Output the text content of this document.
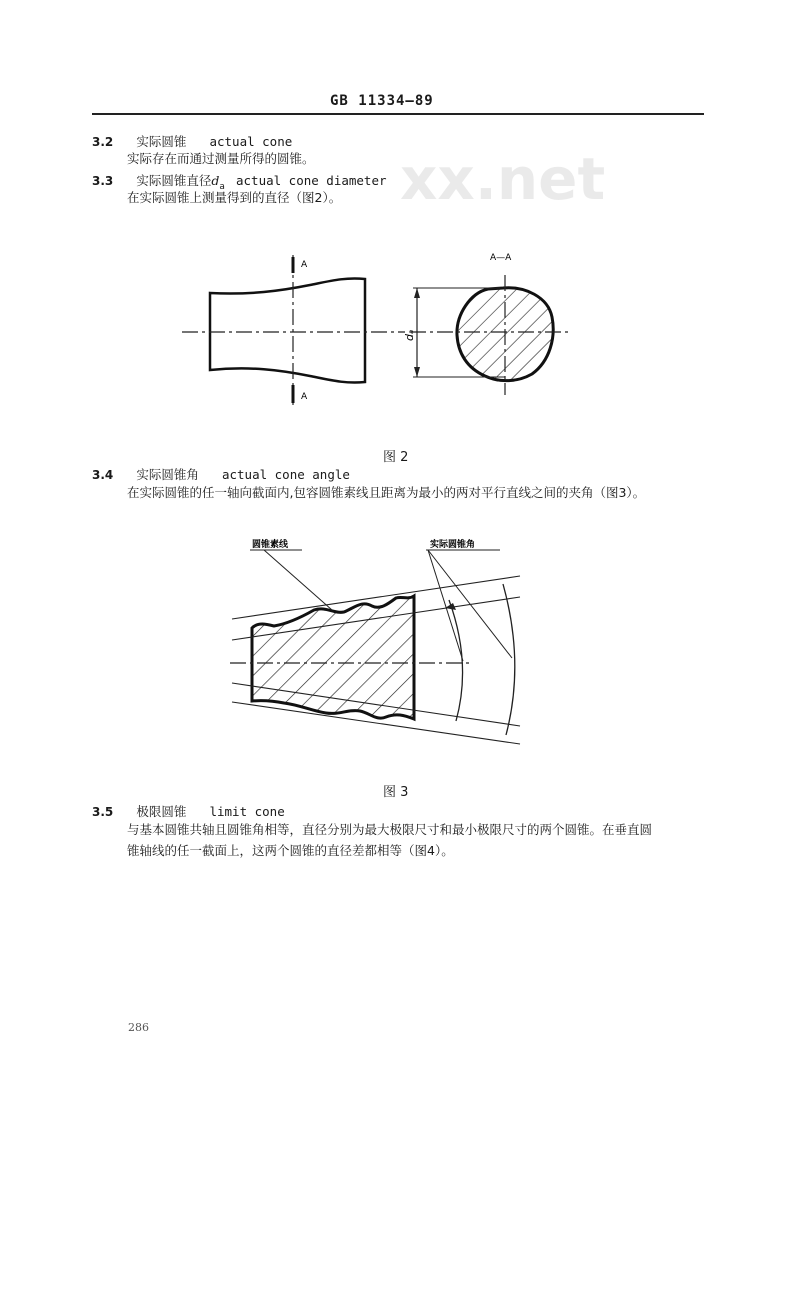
GB 11334—89
xx.net
3.2 实际圆锥 actual cone
实际存在而通过测量所得的圆锥。
3.3 实际圆锥直径$d_a$ actual cone diameter
在实际圆锥上测量得到的直径（图2）。
A
A
A—A
dₐ
图 2
3.4 实际圆锥角 actual cone angle
在实际圆锥的任一轴向截面内,包容圆锥素线且距离为最小的两对平行直线之间的夹角（图3）。
圆锥素线	实际圆锥角
图 3
3.5 极限圆锥 limit cone
与基本圆锥共轴且圆锥角相等，直径分别为最大极限尺寸和最小极限尺寸的两个圆锥。在垂直圆
锥轴线的任一截面上，这两个圆锥的直径差都相等（图4）。
286
